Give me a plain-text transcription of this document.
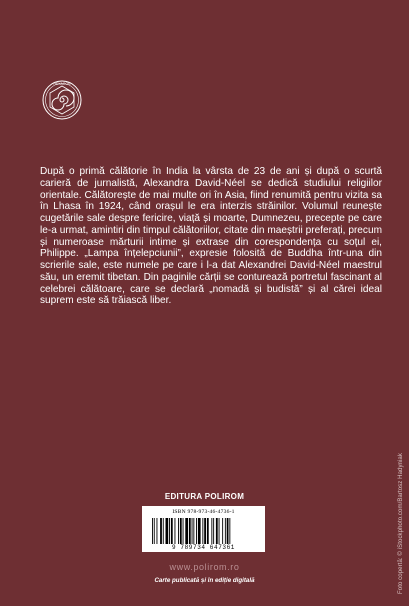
HEXAGON

După o primă călătorie în India la vârsta de 23 de ani și după o scurtă carieră de jurnalistă, Alexandra David-Néel se dedică studiului religiilor orientale. Călătorește de mai multe ori în Asia, fiind renumită pentru vizita sa în Lhasa în 1924, când orașul le era interzis străinilor. Volumul reunește cugetările sale despre fericire, viață și moarte, Dumnezeu, precepte pe care le-a urmat, amintiri din timpul călătoriilor, citate din maeștrii preferați, precum și numeroase mărturii intime și extrase din corespondența cu soțul ei, Philippe. „Lampa înțelepciunii”, expresie folosită de Buddha într-una din scrierile sale, este numele pe care i l-a dat Alexandrei David-Néel maestrul său, un eremit tibetan. Din paginile cărții se conturează portretul fascinant al celebrei călătoare, care se declară „nomadă și budistă” și al cărei ideal suprem este să trăiască liber.

Foto copertă: © iStockphoto.com/Bartosz Hadyniak
EDITURA POLIROM
ISBN 978-973-46-4736-1
9 789734 647361
www.polirom.ro
Carte publicată și în ediție digitală
